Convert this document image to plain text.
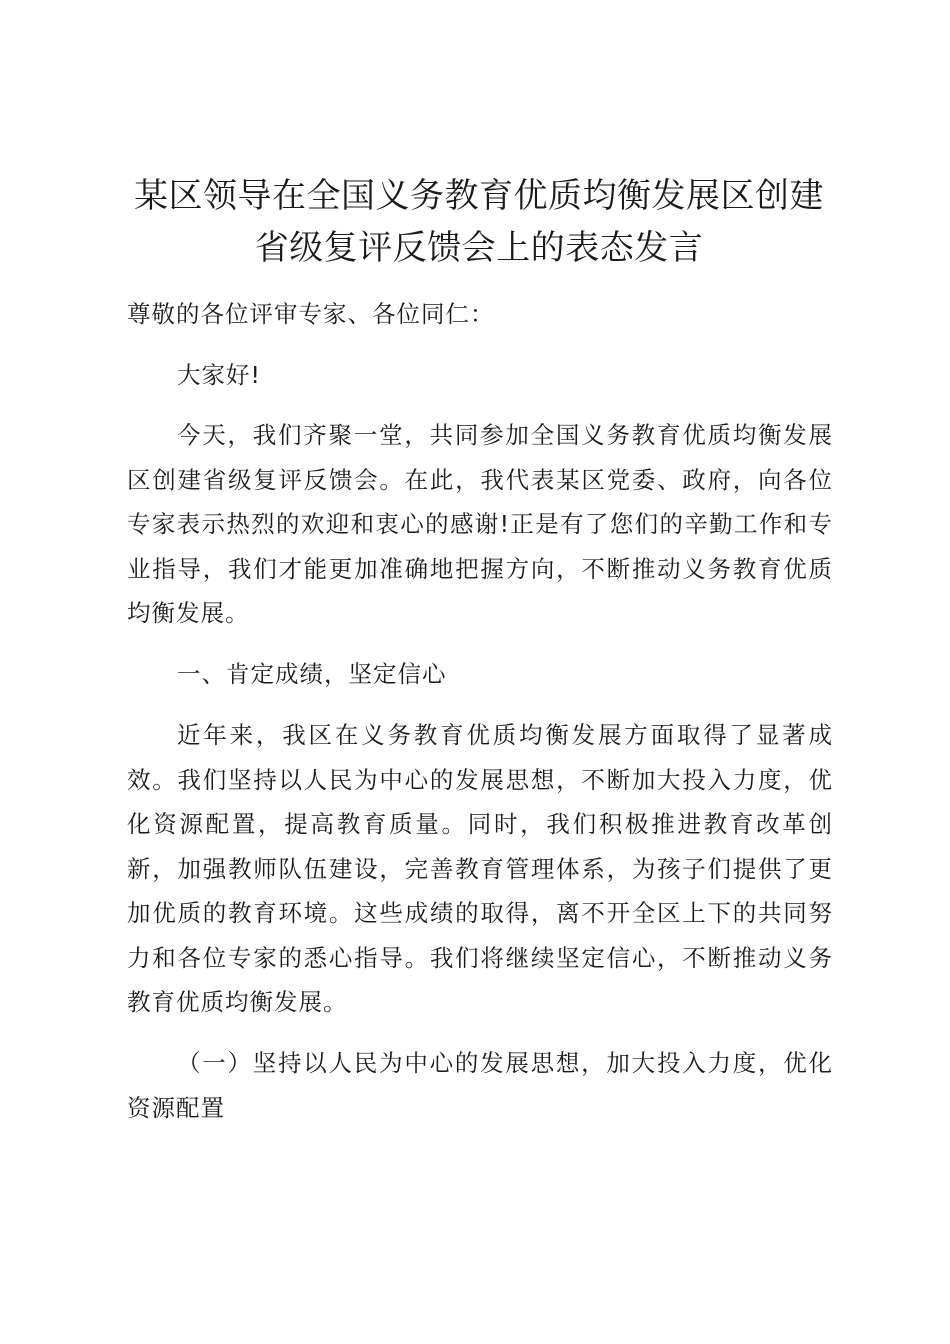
某区领导在全国义务教育优质均衡发展区创建
省级复评反馈会上的表态发言

尊敬的各位评审专家、各位同仁：

大家好!

今天，我们齐聚一堂，共同参加全国义务教育优质均衡发展区创建省级复评反馈会。在此，我代表某区党委、政府，向各位专家表示热烈的欢迎和衷心的感谢!正是有了您们的辛勤工作和专业指导，我们才能更加准确地把握方向，不断推动义务教育优质均衡发展。

一、肯定成绩，坚定信心

近年来，我区在义务教育优质均衡发展方面取得了显著成效。我们坚持以人民为中心的发展思想，不断加大投入力度，优化资源配置，提高教育质量。同时，我们积极推进教育改革创新，加强教师队伍建设，完善教育管理体系，为孩子们提供了更加优质的教育环境。这些成绩的取得，离不开全区上下的共同努力和各位专家的悉心指导。我们将继续坚定信心，不断推动义务教育优质均衡发展。

（一）坚持以人民为中心的发展思想，加大投入力度，优化资源配置
